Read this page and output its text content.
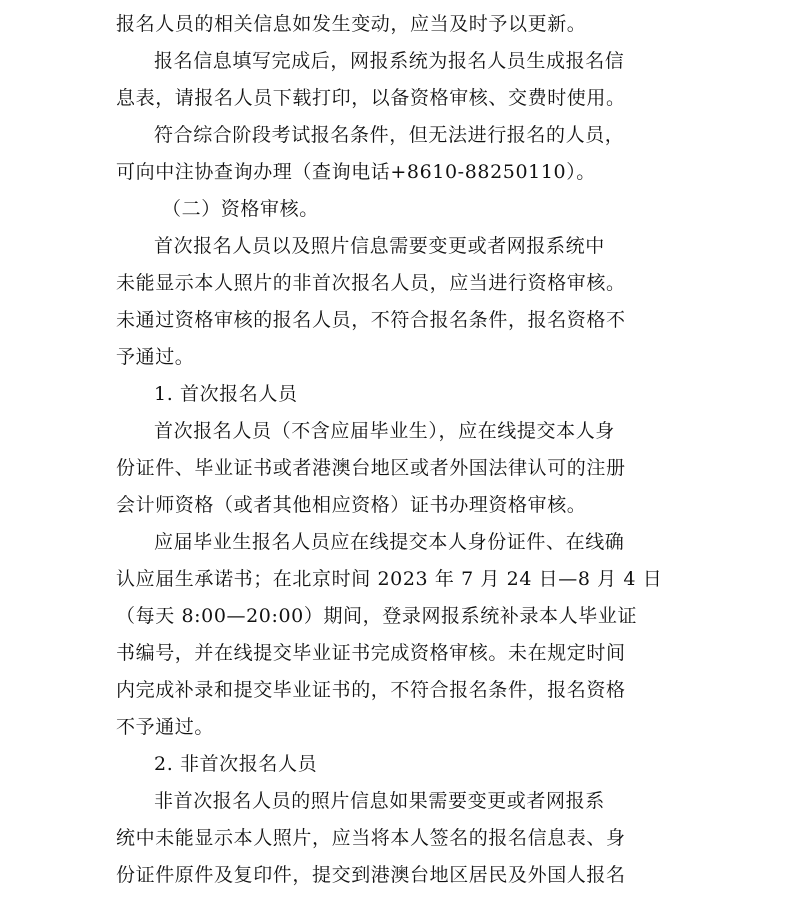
报名人员的相关信息如发生变动，应当及时予以更新。
报名信息填写完成后，网报系统为报名人员生成报名信
息表，请报名人员下载打印，以备资格审核、交费时使用。
符合综合阶段考试报名条件，但无法进行报名的人员，
可向中注协查询办理（查询电话+8610-88250110）。
（二）资格审核。
首次报名人员以及照片信息需要变更或者网报系统中
未能显示本人照片的非首次报名人员，应当进行资格审核。
未通过资格审核的报名人员，不符合报名条件，报名资格不
予通过。
1. 首次报名人员
首次报名人员（不含应届毕业生），应在线提交本人身
份证件、毕业证书或者港澳台地区或者外国法律认可的注册
会计师资格（或者其他相应资格）证书办理资格审核。
应届毕业生报名人员应在线提交本人身份证件、在线确
认应届生承诺书；在北京时间 2023 年 7 月 24 日—8 月 4 日
（每天 8:00—20:00）期间，登录网报系统补录本人毕业证
书编号，并在线提交毕业证书完成资格审核。未在规定时间
内完成补录和提交毕业证书的，不符合报名条件，报名资格
不予通过。
2. 非首次报名人员
非首次报名人员的照片信息如果需要变更或者网报系
统中未能显示本人照片，应当将本人签名的报名信息表、身
份证件原件及复印件，提交到港澳台地区居民及外国人报名
